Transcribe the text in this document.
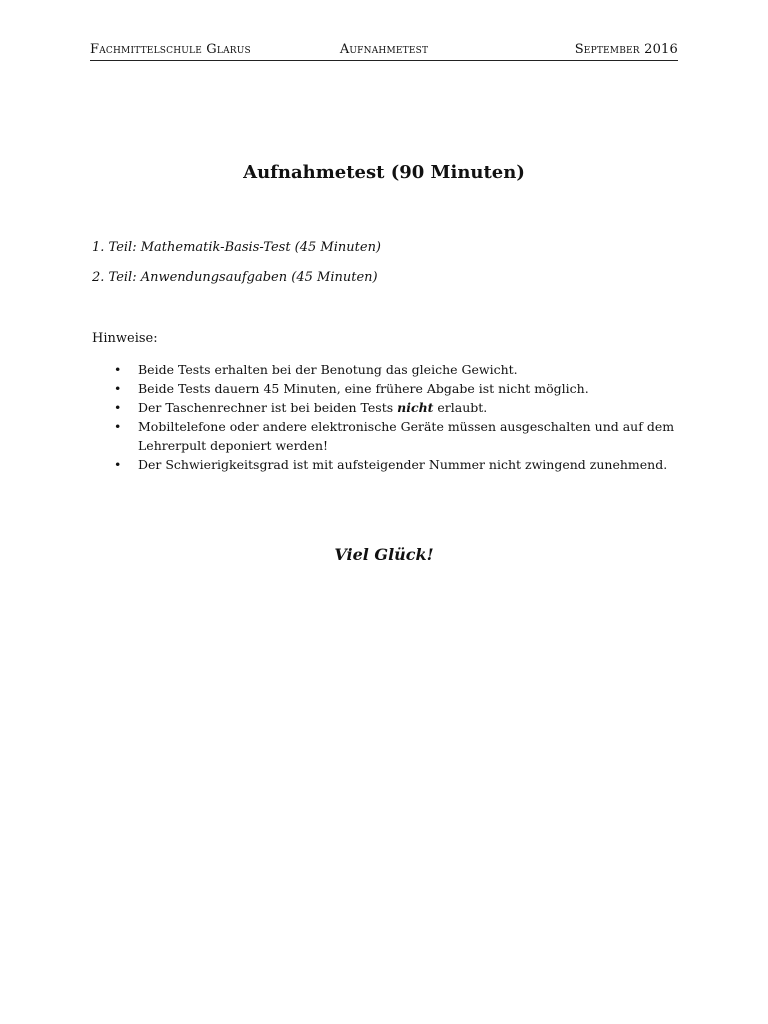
Fachmittelschule Glarus	Aufnahmetest	September 2016
Aufnahmetest (90 Minuten)
1. Teil: Mathematik-Basis-Test (45 Minuten)
2. Teil: Anwendungsaufgaben (45 Minuten)
Hinweise:
• Beide Tests erhalten bei der Benotung das gleiche Gewicht.
• Beide Tests dauern 45 Minuten, eine frühere Abgabe ist nicht möglich.
• Der Taschenrechner ist bei beiden Tests nicht erlaubt.
• Mobiltelefone oder andere elektronische Geräte müssen ausgeschalten und auf dem
Lehrerpult deponiert werden!
• Der Schwierigkeitsgrad ist mit aufsteigender Nummer nicht zwingend zunehmend.
Viel Glück!
